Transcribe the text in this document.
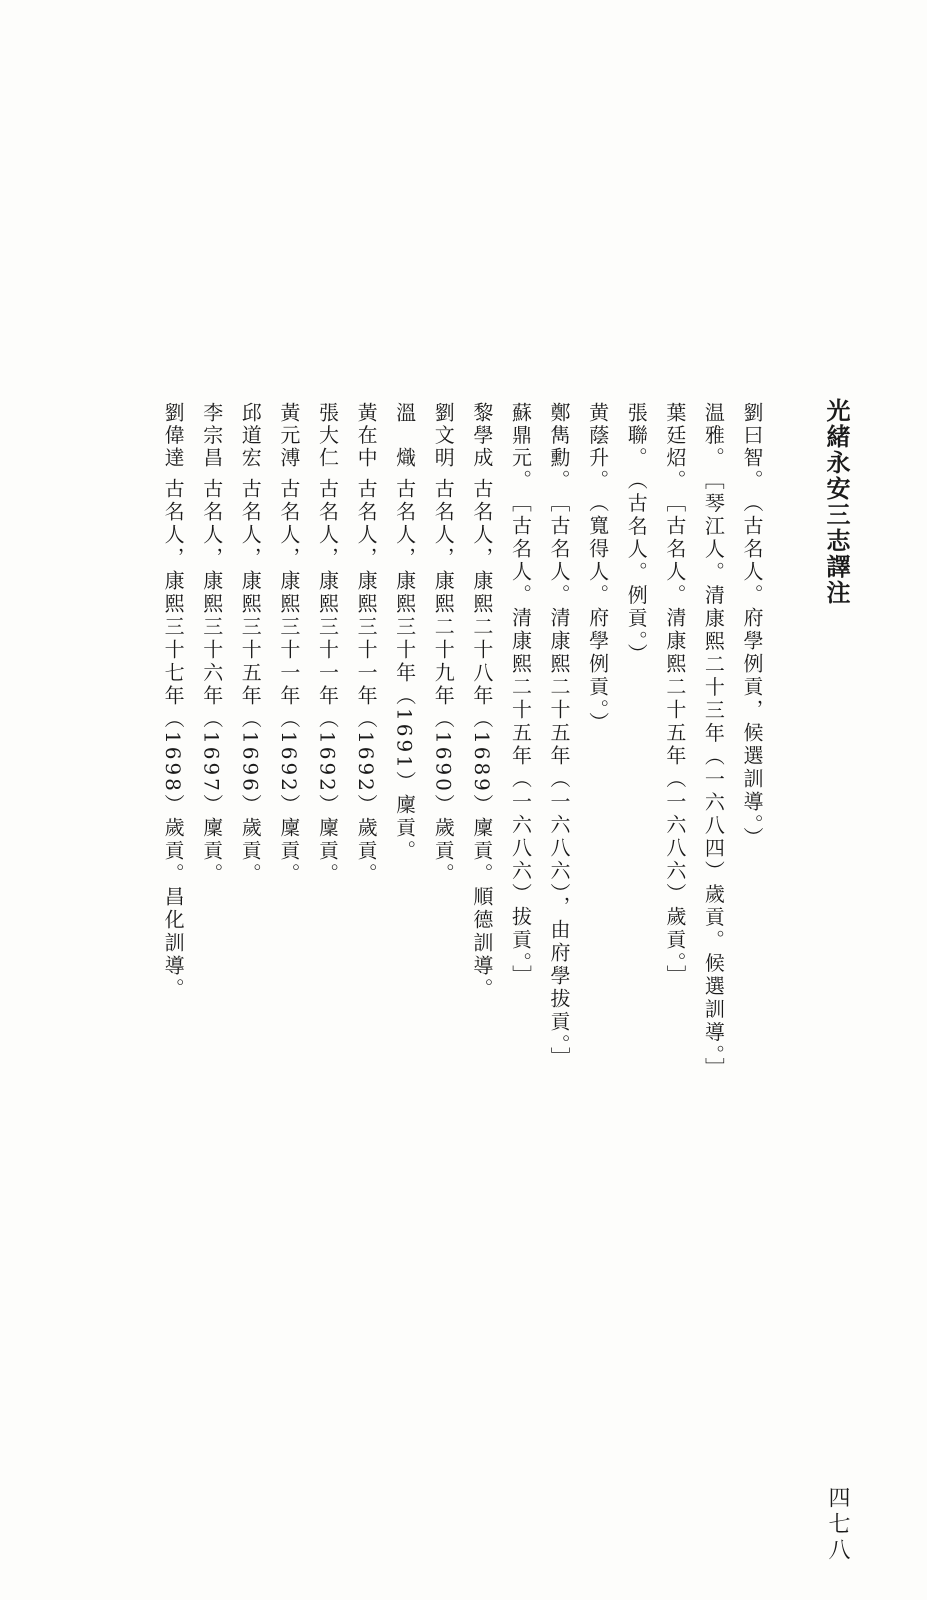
光緒永安三志譯注
劉曰智。（古名人。府學例貢，候選訓導。）
温雅。［琴江人。清康熙二十三年（一六八四）歲貢。候選訓導。］
葉廷炤。［古名人。清康熙二十五年（一六八六）歲貢。］
張聯。（古名人。例貢。）
黄蔭升。（寬得人。府學例貢。）
鄭雋勳。［古名人。清康熙二十五年（一六八六），由府學拔貢。］
蘇鼎元。［古名人。清康熙二十五年（一六八六）拔貢。］
黎學成古名人，康熙二十八年（1689）廩貢。順德訓導。
劉文明古名人，康熙二十九年（1690）歲貢。
溫　熾古名人，康熙三十年（1691）廩貢。
黃在中古名人，康熙三十一年（1692）歲貢。
張大仁古名人，康熙三十一年（1692）廩貢。
黃元溥古名人，康熙三十一年（1692）廩貢。
邱道宏古名人，康熙三十五年（1696）歲貢。
李宗昌古名人，康熙三十六年（1697）廩貢。
劉偉達古名人，康熙三十七年（1698）歲貢。昌化訓導。
四七八
